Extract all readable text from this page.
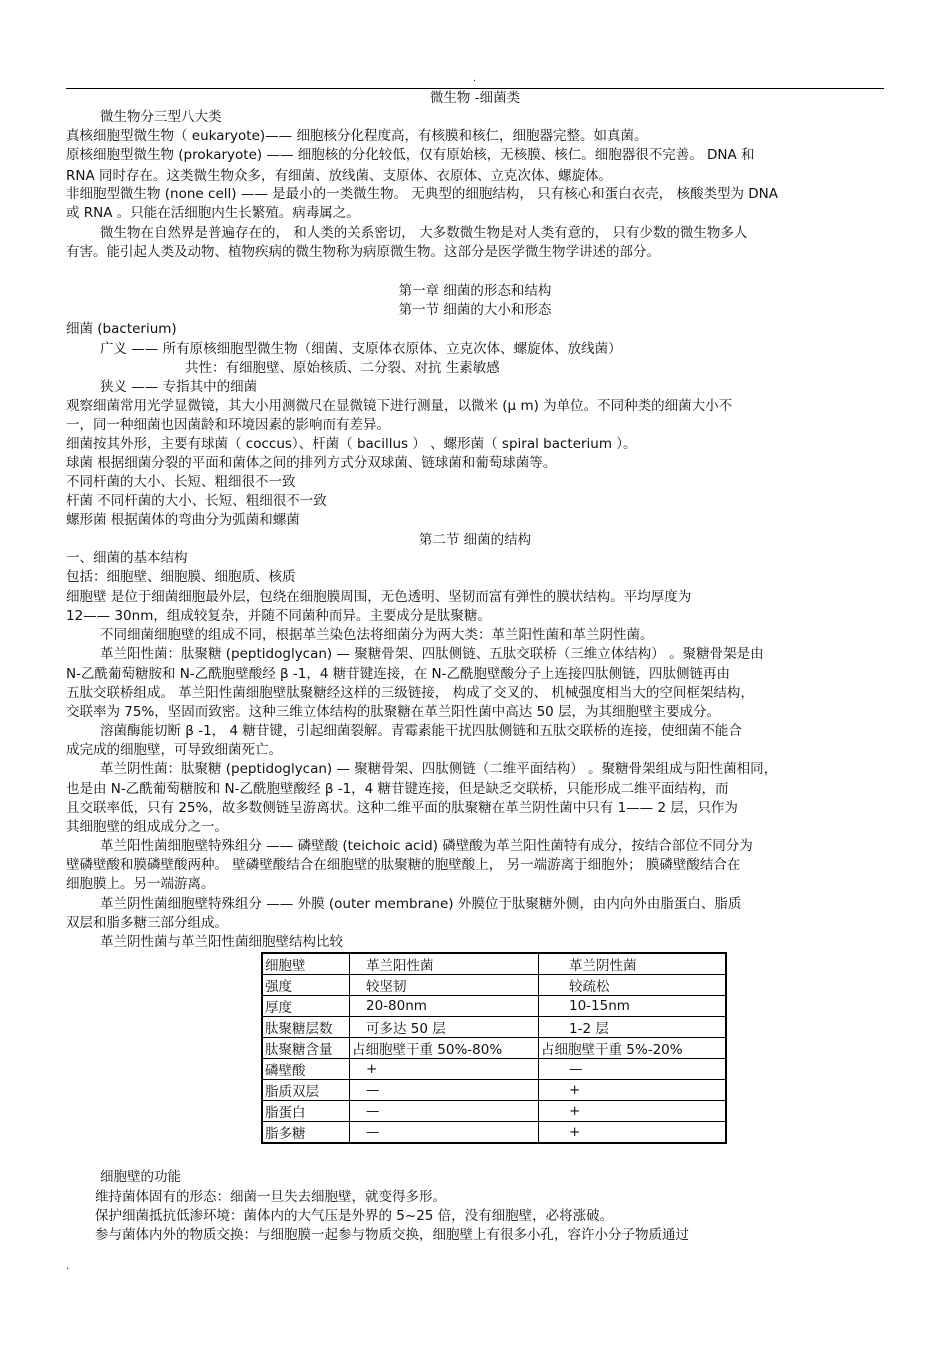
.
微生物 -细菌类
微生物分三型八大类
真核细胞型微生物（ eukaryote)—— 细胞核分化程度高，有核膜和核仁，细胞器完整。如真菌。
原核细胞型微生物 (prokaryote) —— 细胞核的分化较低，仅有原始核，无核膜、核仁。细胞器很不完善。 DNA 和
RNA 同时存在。这类微生物众多，有细菌、放线菌、支原体、衣原体、立克次体、螺旋体。
非细胞型微生物 (none cell) —— 是最小的一类微生物。 无典型的细胞结构， 只有核心和蛋白衣壳， 核酸类型为 DNA
或 RNA 。只能在活细胞内生长繁殖。病毒属之。
微生物在自然界是普遍存在的， 和人类的关系密切， 大多数微生物是对人类有意的， 只有少数的微生物多人
有害。能引起人类及动物、植物疾病的微生物称为病原微生物。这部分是医学微生物学讲述的部分。
第一章 细菌的形态和结构
第一节 细菌的大小和形态
细菌 (bacterium)
广义 —— 所有原核细胞型微生物（细菌、支原体衣原体、立克次体、螺旋体、放线菌）
共性：有细胞壁、原始核质、二分裂、对抗 生素敏感
狭义 —— 专指其中的细菌
观察细菌常用光学显微镜，其大小用测微尺在显微镜下进行测量，以微米 (μ m) 为单位。不同种类的细菌大小不
一，同一种细菌也因菌龄和环境因素的影响而有差异。
细菌按其外形，主要有球菌（ coccus）、杆菌（ bacillus ） 、螺形菌（ spiral bacterium ）。
球菌 根据细菌分裂的平面和菌体之间的排列方式分双球菌、链球菌和葡萄球菌等。
不同杆菌的大小、长短、粗细很不一致
杆菌 不同杆菌的大小、长短、粗细很不一致
螺形菌 根据菌体的弯曲分为弧菌和螺菌
第二节 细菌的结构
一、细菌的基本结构
包括：细胞壁、细胞膜、细胞质、核质
细胞壁 是位于细菌细胞最外层，包绕在细胞膜周围，无色透明、坚韧而富有弹性的膜状结构。平均厚度为
12—— 30nm，组成较复杂，并随不同菌种而异。主要成分是肽聚糖。
不同细菌细胞壁的组成不同，根据革兰染色法将细菌分为两大类：革兰阳性菌和革兰阴性菌。
革兰阳性菌：肽聚糖 (peptidoglycan) — 聚糖骨架、四肽侧链、五肽交联桥（三维立体结构） 。聚糖骨架是由
N-乙酰葡萄糖胺和 N-乙酰胞壁酸经 β -1，4 糖苷键连接，在 N-乙酰胞壁酸分子上连接四肽侧链，四肽侧链再由
五肽交联桥组成。 革兰阳性菌细胞壁肽聚糖经这样的三级链接， 构成了交叉的、 机械强度相当大的空间框架结构，
交联率为 75%，坚固而致密。这种三维立体结构的肽聚糖在革兰阳性菌中高达 50 层，为其细胞壁主要成分。
溶菌酶能切断 β -1， 4 糖苷键，引起细菌裂解。青霉素能干扰四肽侧链和五肽交联桥的连接，使细菌不能合
成完成的细胞壁，可导致细菌死亡。
革兰阴性菌：肽聚糖 (peptidoglycan) — 聚糖骨架、四肽侧链（二维平面结构） 。聚糖骨架组成与阳性菌相同，
也是由 N-乙酰葡萄糖胺和 N-乙酰胞壁酸经 β -1，4 糖苷键连接，但是缺乏交联桥，只能形成二维平面结构，而
且交联率低，只有 25%，故多数侧链呈游离状。这种二维平面的肽聚糖在革兰阴性菌中只有 1—— 2 层，只作为
其细胞壁的组成成分之一。
革兰阳性菌细胞壁特殊组分 —— 磷壁酸 (teichoic acid) 磷壁酸为革兰阳性菌特有成分，按结合部位不同分为
壁磷壁酸和膜磷壁酸两种。 壁磷壁酸结合在细胞壁的肽聚糖的胞壁酸上， 另一端游离于细胞外； 膜磷壁酸结合在
细胞膜上。另一端游离。
革兰阴性菌细胞壁特殊组分 —— 外膜 (outer membrane) 外膜位于肽聚糖外侧，由内向外由脂蛋白、脂质
双层和脂多糖三部分组成。
革兰阴性菌与革兰阳性菌细胞壁结构比较
细胞壁	革兰阳性菌	革兰阴性菌
强度	较坚韧	较疏松
厚度	20-80nm	10-15nm
肽聚糖层数	可多达 50 层	1-2 层
肽聚糖含量	占细胞壁干重 50%-80%	占细胞壁干重 5%-20%
磷壁酸	+	—
脂质双层	—	+
脂蛋白	—	+
脂多糖	—	+
细胞壁的功能
维持菌体固有的形态：细菌一旦失去细胞壁，就变得多形。
保护细菌抵抗低渗环境：菌体内的大气压是外界的 5~25 倍，没有细胞壁，必将涨破。
参与菌体内外的物质交换：与细胞膜一起参与物质交换，细胞壁上有很多小孔，容许小分子物质通过
.
